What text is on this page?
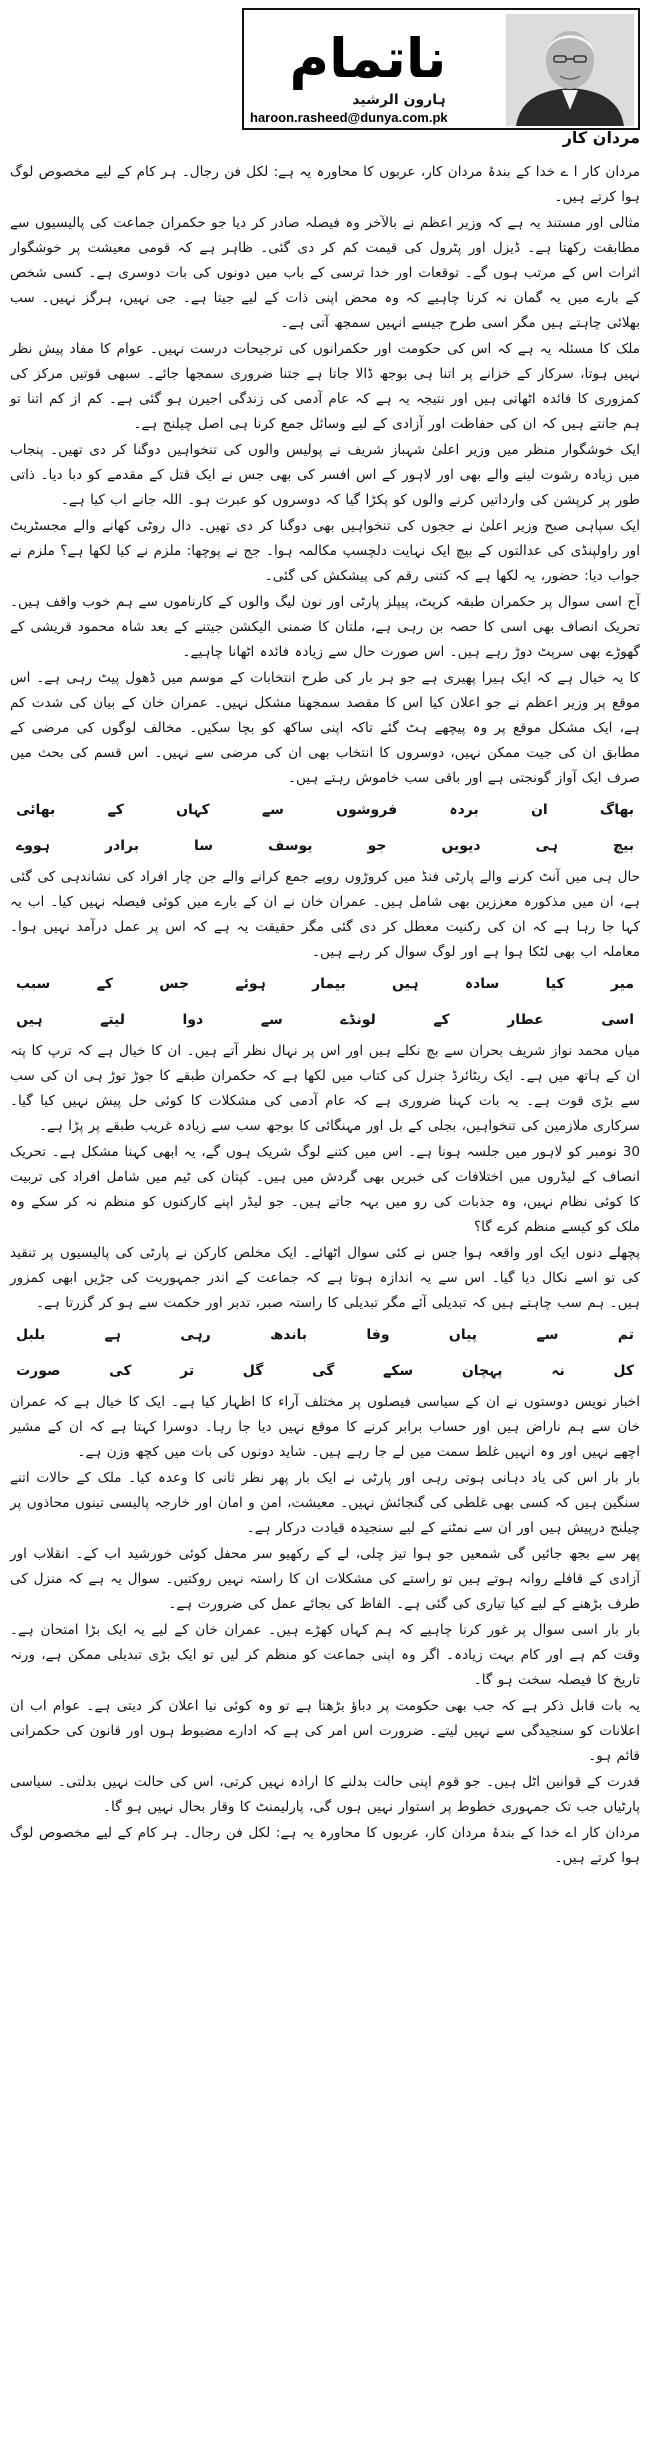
ناتمام
ہارون الرشید
haroon.rasheed@dunya.com.pk
مردان کار

مردان کار ا ے خدا کے بندۂ مردان کار، عربوں کا محاورہ یہ ہے: لکل فن رجال۔ ہر کام کے لیے مخصوص لوگ ہوا کرتے ہیں۔

مثالی اور مستند یہ ہے کہ وزیر اعظم نے بالآخر وہ فیصلہ صادر کر دیا جو حکمران جماعت کی پالیسیوں سے مطابقت رکھتا ہے۔ ڈیزل اور پٹرول کی قیمت کم کر دی گئی۔ ظاہر ہے کہ قومی معیشت پر خوشگوار اثرات اس کے مرتب ہوں گے۔ توقعات اور خدا ترسی کے باب میں دونوں کی بات دوسری ہے۔ کسی شخص کے بارے میں یہ گمان نہ کرنا چاہیے کہ وہ محض اپنی ذات کے لیے جیتا ہے۔ جی نہیں، ہرگز نہیں۔ سب بھلائی چاہتے ہیں مگر اسی طرح جیسے انہیں سمجھ آتی ہے۔

ملک کا مسئلہ یہ ہے کہ اس کی حکومت اور حکمرانوں کی ترجیحات درست نہیں۔ عوام کا مفاد پیش نظر نہیں ہوتا، سرکار کے خزانے پر اتنا ہی بوجھ ڈالا جاتا ہے جتنا ضروری سمجھا جائے۔ سبھی قوتیں مرکز کی کمزوری کا فائدہ اٹھاتی ہیں اور نتیجہ یہ ہے کہ عام آدمی کی زندگی اجیرن ہو گئی ہے۔ کم از کم اتنا تو ہم جانتے ہیں کہ ان کی حفاظت اور آزادی کے لیے وسائل جمع کرنا ہی اصل چیلنج ہے۔

ایک خوشگوار منظر میں وزیر اعلیٰ شہباز شریف نے پولیس والوں کی تنخواہیں دوگنا کر دی تھیں۔ پنجاب میں زیادہ رشوت لینے والے بھی اور لاہور کے اس افسر کی بھی جس نے ایک قتل کے مقدمے کو دبا دیا۔ ذاتی طور پر کرپشن کی وارداتیں کرنے والوں کو پکڑا گیا کہ دوسروں کو عبرت ہو۔ اللہ جانے اب کیا ہے۔

ایک سپاہی صبح وزیر اعلیٰ نے ججوں کی تنخواہیں بھی دوگنا کر دی تھیں۔ دال روٹی کھانے والے مجسٹریٹ اور راولپنڈی کی عدالتوں کے بیچ ایک نہایت دلچسپ مکالمہ ہوا۔ جج نے پوچھا: ملزم نے کیا لکھا ہے؟ ملزم نے جواب دیا: حضور، یہ لکھا ہے کہ کتنی رقم کی پیشکش کی گئی۔

آج اسی سوال پر حکمران طبقہ کرپٹ، پیپلز پارٹی اور نون لیگ والوں کے کارناموں سے ہم خوب واقف ہیں۔ تحریک انصاف بھی اسی کا حصہ بن رہی ہے، ملتان کا ضمنی الیکشن جیتنے کے بعد شاہ محمود قریشی کے گھوڑے بھی سرپٹ دوڑ رہے ہیں۔ اس صورت حال سے زیادہ فائدہ اٹھانا چاہیے۔

کا یہ خیال ہے کہ ایک ہیرا پھیری ہے جو ہر بار کی طرح انتخابات کے موسم میں ڈھول پیٹ رہی ہے۔ اس موقع پر وزیر اعظم نے جو اعلان کیا اس کا مقصد سمجھنا مشکل نہیں۔ عمران خان کے بیان کی شدت کم ہے، ایک مشکل موقع پر وہ پیچھے ہٹ گئے تاکہ اپنی ساکھ کو بچا سکیں۔ مخالف لوگوں کی مرضی کے مطابق ان کی جیت ممکن نہیں، دوسروں کا انتخاب بھی ان کی مرضی سے نہیں۔ اس قسم کی بحث میں صرف ایک آواز گونجتی ہے اور باقی سب خاموش رہتے ہیں۔

بھاگ
ان
بردہ
فروشوں
سے
کہاں
کے
بھائی
بیچ
ہی
دیویں
جو
یوسف
سا
برادر
ہووے

حال ہی میں آنٹ کرنے والے پارٹی فنڈ میں کروڑوں روپے جمع کرانے والے جن چار افراد کی نشاندہی کی گئی ہے، ان میں مذکورہ معززین بھی شامل ہیں۔ عمران خان نے ان کے بارے میں کوئی فیصلہ نہیں کیا۔ اب یہ کہا جا رہا ہے کہ ان کی رکنیت معطل کر دی گئی مگر حقیقت یہ ہے کہ اس پر عمل درآمد نہیں ہوا۔ معاملہ اب بھی لٹکا ہوا ہے اور لوگ سوال کر رہے ہیں۔

میر
کیا
سادہ
ہیں
بیمار
ہوئے
جس
کے
سبب
اسی
عطار
کے
لونڈے
سے
دوا
لیتے
ہیں

میاں محمد نواز شریف بحران سے بچ نکلے ہیں اور اس پر نہال نظر آتے ہیں۔ ان کا خیال ہے کہ ترپ کا پتہ ان کے ہاتھ میں ہے۔ ایک ریٹائرڈ جنرل کی کتاب میں لکھا ہے کہ حکمران طبقے کا جوڑ توڑ ہی ان کی سب سے بڑی قوت ہے۔ یہ بات کہنا ضروری ہے کہ عام آدمی کی مشکلات کا کوئی حل پیش نہیں کیا گیا۔ سرکاری ملازمین کی تنخواہیں، بجلی کے بل اور مہنگائی کا بوجھ سب سے زیادہ غریب طبقے پر پڑا ہے۔

30 نومبر کو لاہور میں جلسہ ہونا ہے۔ اس میں کتنے لوگ شریک ہوں گے، یہ ابھی کہنا مشکل ہے۔ تحریک انصاف کے لیڈروں میں اختلافات کی خبریں بھی گردش میں ہیں۔ کپتان کی ٹیم میں شامل افراد کی تربیت کا کوئی نظام نہیں، وہ جذبات کی رو میں بہہ جاتے ہیں۔ جو لیڈر اپنے کارکنوں کو منظم نہ کر سکے وہ ملک کو کیسے منظم کرے گا؟

پچھلے دنوں ایک اور واقعہ ہوا جس نے کئی سوال اٹھائے۔ ایک مخلص کارکن نے پارٹی کی پالیسیوں پر تنقید کی تو اسے نکال دیا گیا۔ اس سے یہ اندازہ ہوتا ہے کہ جماعت کے اندر جمہوریت کی جڑیں ابھی کمزور ہیں۔ ہم سب چاہتے ہیں کہ تبدیلی آئے مگر تبدیلی کا راستہ صبر، تدبر اور حکمت سے ہو کر گزرتا ہے۔

تم
سے
پیاں
وفا
باندھ
رہی
ہے
بلبل
کل
نہ
پہچان
سکے
گی
گل
تر
کی
صورت

اخبار نویس دوستوں نے ان کے سیاسی فیصلوں پر مختلف آراء کا اظہار کیا ہے۔ ایک کا خیال ہے کہ عمران خان سے ہم ناراض ہیں اور حساب برابر کرنے کا موقع نہیں دیا جا رہا۔ دوسرا کہتا ہے کہ ان کے مشیر اچھے نہیں اور وہ انہیں غلط سمت میں لے جا رہے ہیں۔ شاید دونوں کی بات میں کچھ وزن ہے۔

بار بار اس کی یاد دہانی ہوتی رہی اور پارٹی نے ایک بار پھر نظر ثانی کا وعدہ کیا۔ ملک کے حالات اتنے سنگین ہیں کہ کسی بھی غلطی کی گنجائش نہیں۔ معیشت، امن و امان اور خارجہ پالیسی تینوں محاذوں پر چیلنج درپیش ہیں اور ان سے نمٹنے کے لیے سنجیدہ قیادت درکار ہے۔

پھر سے بجھ جائیں گی شمعیں جو ہوا تیز چلی، لے کے رکھیو سر محفل کوئی خورشید اب کے۔ انقلاب اور آزادی کے قافلے روانہ ہوتے ہیں تو راستے کی مشکلات ان کا راستہ نہیں روکتیں۔ سوال یہ ہے کہ منزل کی طرف بڑھنے کے لیے کیا تیاری کی گئی ہے۔ الفاظ کی بجائے عمل کی ضرورت ہے۔

بار بار اسی سوال پر غور کرنا چاہیے کہ ہم کہاں کھڑے ہیں۔ عمران خان کے لیے یہ ایک بڑا امتحان ہے۔ وقت کم ہے اور کام بہت زیادہ۔ اگر وہ اپنی جماعت کو منظم کر لیں تو ایک بڑی تبدیلی ممکن ہے، ورنہ تاریخ کا فیصلہ سخت ہو گا۔

یہ بات قابل ذکر ہے کہ جب بھی حکومت پر دباؤ بڑھتا ہے تو وہ کوئی نیا اعلان کر دیتی ہے۔ عوام اب ان اعلانات کو سنجیدگی سے نہیں لیتے۔ ضرورت اس امر کی ہے کہ ادارے مضبوط ہوں اور قانون کی حکمرانی قائم ہو۔

قدرت کے قوانین اٹل ہیں۔ جو قوم اپنی حالت بدلنے کا ارادہ نہیں کرتی، اس کی حالت نہیں بدلتی۔ سیاسی پارٹیاں جب تک جمہوری خطوط پر استوار نہیں ہوں گی، پارلیمنٹ کا وقار بحال نہیں ہو گا۔

مردان کار اے خدا کے بندۂ مردان کار، عربوں کا محاورہ یہ ہے: لکل فن رجال۔ ہر کام کے لیے مخصوص لوگ ہوا کرتے ہیں۔
